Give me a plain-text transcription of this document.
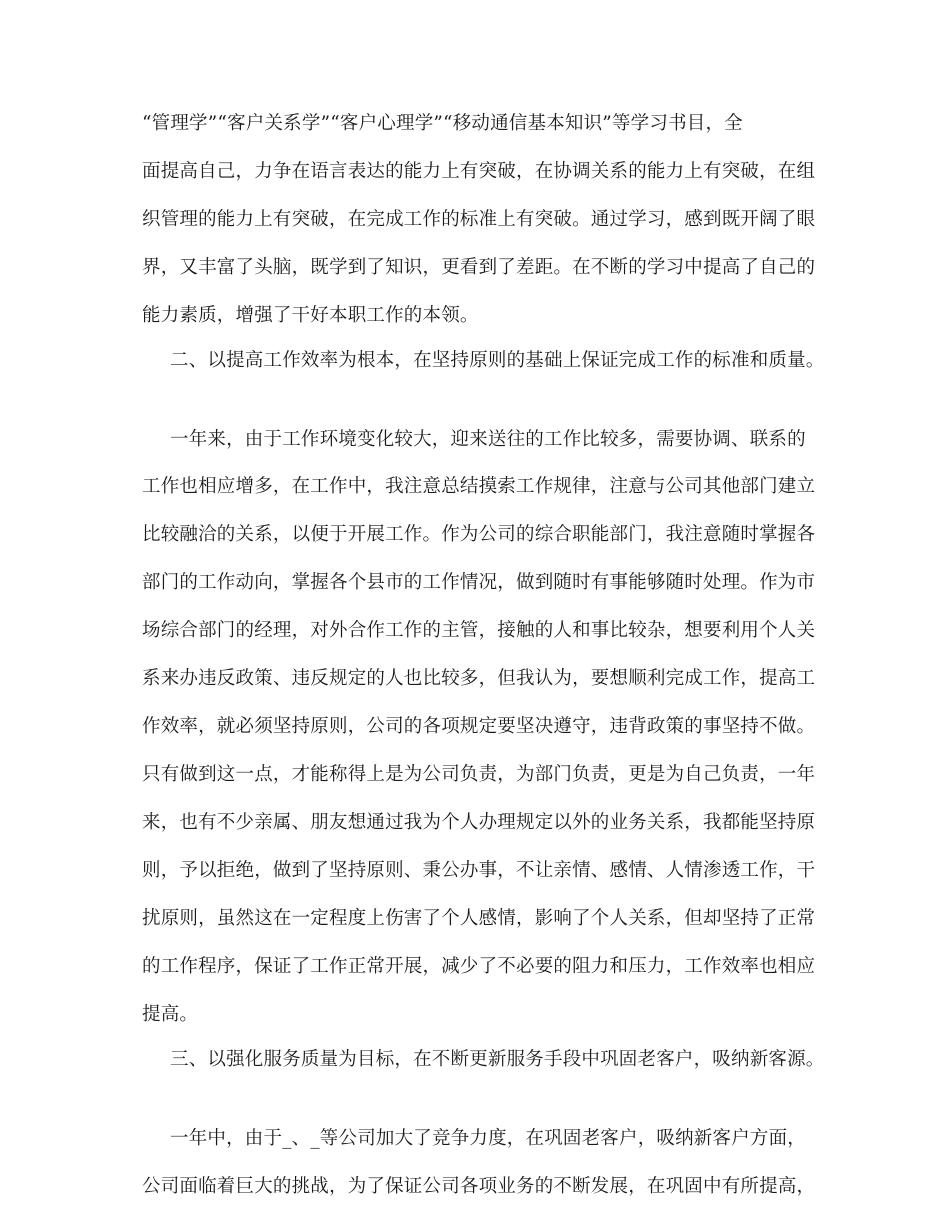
“管理学”“客户关系学”“客户心理学”“移动通信基本知识”等学习书目，全
面提高自己，力争在语言表达的能力上有突破，在协调关系的能力上有突破，在组
织管理的能力上有突破，在完成工作的标准上有突破。通过学习，感到既开阔了眼
界，又丰富了头脑，既学到了知识，更看到了差距。在不断的学习中提高了自己的
能力素质，增强了干好本职工作的本领。
二、以提高工作效率为根本，在坚持原则的基础上保证完成工作的标准和质量。
一年来，由于工作环境变化较大，迎来送往的工作比较多，需要协调、联系的
工作也相应增多，在工作中，我注意总结摸索工作规律，注意与公司其他部门建立
比较融洽的关系，以便于开展工作。作为公司的综合职能部门，我注意随时掌握各
部门的工作动向，掌握各个县市的工作情况，做到随时有事能够随时处理。作为市
场综合部门的经理，对外合作工作的主管，接触的人和事比较杂，想要利用个人关
系来办违反政策、违反规定的人也比较多，但我认为，要想顺利完成工作，提高工
作效率，就必须坚持原则，公司的各项规定要坚决遵守，违背政策的事坚持不做。
只有做到这一点，才能称得上是为公司负责，为部门负责，更是为自己负责，一年
来，也有不少亲属、朋友想通过我为个人办理规定以外的业务关系，我都能坚持原
则，予以拒绝，做到了坚持原则、秉公办事，不让亲情、感情、人情渗透工作，干
扰原则，虽然这在一定程度上伤害了个人感情，影响了个人关系，但却坚持了正常
的工作程序，保证了工作正常开展，减少了不必要的阻力和压力，工作效率也相应
提高。
三、以强化服务质量为目标，在不断更新服务手段中巩固老客户，吸纳新客源。
一年中，由于_、_等公司加大了竞争力度，在巩固老客户，吸纳新客户方面，
公司面临着巨大的挑战，为了保证公司各项业务的不断发展，在巩固中有所提高，
